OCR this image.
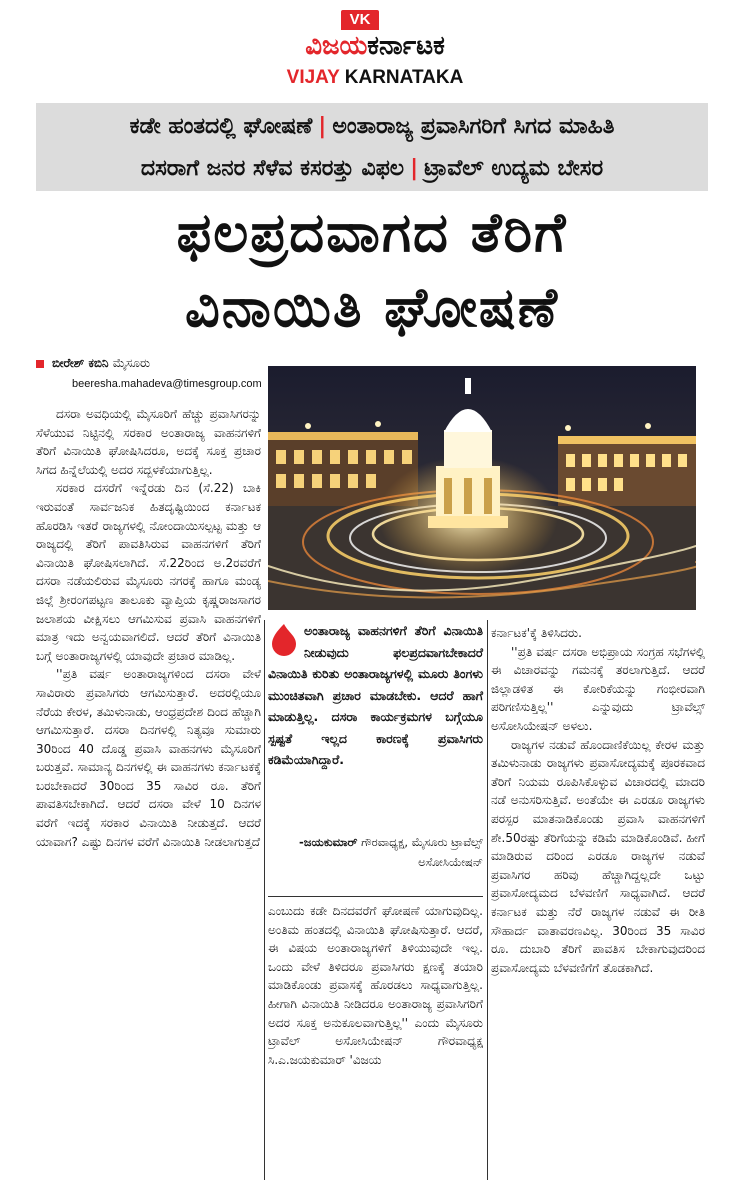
VK
ವಿಜಯಕರ್ನಾಟಕ
VIJAY KARNATAKA
ಕಡೇ ಹಂತದಲ್ಲಿ ಘೋಷಣೆ | ಅಂತಾರಾಜ್ಯ ಪ್ರವಾಸಿಗರಿಗೆ ಸಿಗದ ಮಾಹಿತಿ
ದಸರಾಗೆ ಜನರ ಸೆಳೆವ ಕಸರತ್ತು ವಿಫಲ | ಟ್ರಾವೆಲ್ ಉದ್ಯಮ ಬೇಸರ
ಫಲಪ್ರದವಾಗದ ತೆರಿಗೆ
ವಿನಾಯಿತಿ ಘೋಷಣೆ
ಬೀರೇಶ್ ಕಬಿನಿ ಮೈಸೂರು
beeresha.mahadeva@timesgroup.com

ದಸರಾ ಅವಧಿಯಲ್ಲಿ ಮೈಸೂರಿಗೆ ಹೆಚ್ಚು ಪ್ರವಾಸಿಗರನ್ನು ಸೆಳೆಯುವ ನಿಟ್ಟಿನಲ್ಲಿ ಸರಕಾರ ಅಂತಾರಾಜ್ಯ ವಾಹನಗಳಿಗೆ ತೆರಿಗೆ ವಿನಾಯಿತಿ ಘೋಷಿಸಿದರೂ, ಅದಕ್ಕೆ ಸೂಕ್ತ ಪ್ರಚಾರ ಸಿಗದ ಹಿನ್ನೆಲೆಯಲ್ಲಿ ಅದರ ಸದ್ಬಳಕೆಯಾಗುತ್ತಿಲ್ಲ.

ಸರಕಾರ ದಸರೆಗೆ ಇನ್ನೆರಡು ದಿನ (ಸೆ.22) ಬಾಕಿ ಇರುವಂತೆ ಸಾರ್ವಜನಿಕ ಹಿತದೃಷ್ಟಿಯಿಂದ ಕರ್ನಾಟಕ ಹೊರಡಿಸಿ ಇತರೆ ರಾಜ್ಯಗಳಲ್ಲಿ ನೋಂದಾಯಿಸಲ್ಪಟ್ಟ ಮತ್ತು ಆ ರಾಜ್ಯದಲ್ಲಿ ತೆರಿಗೆ ಪಾವತಿಸಿರುವ ವಾಹನಗಳಿಗೆ ತೆರಿಗೆ ವಿನಾಯಿತಿ ಘೋಷಿಸಲಾಗಿದೆ. ಸೆ.22ರಿಂದ ಅ.2ರವರೆಗೆ ದಸರಾ ನಡೆಯಲಿರುವ ಮೈಸೂರು ನಗರಕ್ಕೆ ಹಾಗೂ ಮಂಡ್ಯ ಜಿಲ್ಲೆ ಶ್ರೀರಂಗಪಟ್ಟಣ ತಾಲೂಕು ವ್ಯಾಪ್ತಿಯ ಕೃಷ್ಣರಾಜಸಾಗರ ಜಲಾಶಯ ವೀಕ್ಷಿಸಲು ಆಗಮಿಸುವ ಪ್ರವಾಸಿ ವಾಹನಗಳಿಗೆ ಮಾತ್ರ ಇದು ಅನ್ವಯವಾಗಲಿದೆ. ಆದರೆ ತೆರಿಗೆ ವಿನಾಯಿತಿ ಬಗ್ಗೆ ಅಂತಾರಾಜ್ಯಗಳಲ್ಲಿ ಯಾವುದೇ ಪ್ರಚಾರ ಮಾಡಿಲ್ಲ.

''ಪ್ರತಿ ವರ್ಷ ಅಂತಾರಾಜ್ಯಗಳಿಂದ ದಸರಾ ವೇಳೆ ಸಾವಿರಾರು ಪ್ರವಾಸಿಗರು ಆಗಮಿಸುತ್ತಾರೆ. ಅದರಲ್ಲಿಯೂ ನೆರೆಯ ಕೇರಳ, ತಮಿಳುನಾಡು, ಆಂಧ್ರಪ್ರದೇಶ ದಿಂದ ಹೆಚ್ಚಾಗಿ ಆಗಮಿಸುತ್ತಾರೆ. ದಸರಾ ದಿನಗಳಲ್ಲಿ ನಿತ್ಯವೂ ಸುಮಾರು 30ರಿಂದ 40 ದೊಡ್ಡ ಪ್ರವಾಸಿ ವಾಹನಗಳು ಮೈಸೂರಿಗೆ ಬರುತ್ತವೆ. ಸಾಮಾನ್ಯ ದಿನಗಳಲ್ಲಿ ಈ ವಾಹನಗಳು ಕರ್ನಾಟಕಕ್ಕೆ ಬರಬೇಕಾದರೆ 30ರಿಂದ 35 ಸಾವಿರ ರೂ. ತೆರಿಗೆ ಪಾವತಿಸಬೇಕಾಗಿದೆ. ಆದರೆ ದಸರಾ ವೇಳೆ 10 ದಿನಗಳ ವರೆಗೆ ಇದಕ್ಕೆ ಸರಕಾರ ವಿನಾಯಿತಿ ನೀಡುತ್ತದೆ. ಆದರೆ ಯಾವಾಗ? ಎಷ್ಟು ದಿನಗಳ ವರೆಗೆ ವಿನಾಯಿತಿ ನೀಡಲಾಗುತ್ತದೆ

ಅಂತಾರಾಜ್ಯ ವಾಹನಗಳಿಗೆ ತೆರಿಗೆ ವಿನಾಯಿತಿ ನೀಡುವುದು ಫಲಪ್ರದವಾಗಬೇಕಾದರೆ ವಿನಾಯಿತಿ ಕುರಿತು ಅಂತಾರಾಜ್ಯಗಳಲ್ಲಿ ಮೂರು ತಿಂಗಳು ಮುಂಚಿತವಾಗಿ ಪ್ರಚಾರ ಮಾಡಬೇಕು. ಆದರೆ ಹಾಗೆ ಮಾಡುತ್ತಿಲ್ಲ. ದಸರಾ ಕಾರ್ಯಕ್ರಮಗಳ ಬಗ್ಗೆಯೂ ಸ್ಪಷ್ಟತೆ ಇಲ್ಲದ ಕಾರಣಕ್ಕೆ ಪ್ರವಾಸಿಗರು ಕಡಿಮೆಯಾಗಿದ್ದಾರೆ.
-ಜಯಕುಮಾರ್ ಗೌರವಾಧ್ಯಕ್ಷ, ಮೈಸೂರು ಟ್ರಾವೆಲ್ಸ್ ಅಸೋಸಿಯೇಷನ್

ಎಂಬುದು ಕಡೇ ದಿನದವರೆಗೆ ಘೋಷಣೆ ಯಾಗುವುದಿಲ್ಲ. ಅಂತಿಮ ಹಂತದಲ್ಲಿ ವಿನಾಯಿತಿ ಘೋಷಿಸುತ್ತಾರೆ. ಆದರೆ, ಈ ವಿಷಯ ಅಂತಾರಾಜ್ಯಗಳಿಗೆ ತಿಳಿಯುವುದೇ ಇಲ್ಲ. ಒಂದು ವೇಳೆ ತಿಳಿದರೂ ಪ್ರವಾಸಿಗರು ಕ್ಷಣಕ್ಕೆ ತಯಾರಿ ಮಾಡಿಕೊಂಡು ಪ್ರವಾಸಕ್ಕೆ ಹೊರಡಲು ಸಾಧ್ಯವಾಗುತ್ತಿಲ್ಲ. ಹೀಗಾಗಿ ವಿನಾಯಿತಿ ನೀಡಿದರೂ ಅಂತಾರಾಜ್ಯ ಪ್ರವಾಸಿಗರಿಗೆ ಅದರ ಸೂಕ್ತ ಅನುಕೂಲವಾಗುತ್ತಿಲ್ಲ'' ಎಂದು ಮೈಸೂರು ಟ್ರಾವೆಲ್ ಅಸೋಸಿಯೇಷನ್ ಗೌರವಾಧ್ಯಕ್ಷ ಸಿ.ಎ.ಜಯಕುಮಾರ್ 'ವಿಜಯ

ಕರ್ನಾಟಕ'ಕ್ಕೆ ತಿಳಿಸಿದರು.

''ಪ್ರತಿ ವರ್ಷ ದಸರಾ ಅಭಿಪ್ರಾಯ ಸಂಗ್ರಹ ಸಭೆಗಳಲ್ಲಿ ಈ ವಿಚಾರವನ್ನು ಗಮನಕ್ಕೆ ತರಲಾಗುತ್ತಿದೆ. ಆದರೆ ಜಿಲ್ಲಾಡಳಿತ ಈ ಕೋರಿಕೆಯನ್ನು ಗಂಭೀರವಾಗಿ ಪರಿಗಣಿಸುತ್ತಿಲ್ಲ'' ಎನ್ನುವುದು ಟ್ರಾವೆಲ್ಸ್ ಅಸೋಸಿಯೇಷನ್ ಅಳಲು.

ರಾಜ್ಯಗಳ ನಡುವೆ ಹೊಂದಾಣಿಕೆಯಿಲ್ಲ ಕೇರಳ ಮತ್ತು ತಮಿಳುನಾಡು ರಾಜ್ಯಗಳು ಪ್ರವಾಸೋದ್ಯಮಕ್ಕೆ ಪೂರಕವಾದ ತೆರಿಗೆ ನಿಯಮ ರೂಪಿಸಿಕೊಳ್ಳುವ ವಿಚಾರದಲ್ಲಿ ಮಾದರಿ ನಡೆ ಅನುಸರಿಸುತ್ತಿವೆ. ಅಂತೆಯೇ ಈ ಎರಡೂ ರಾಜ್ಯಗಳು ಪರಸ್ಪರ ಮಾತನಾಡಿಕೊಂಡು ಪ್ರವಾಸಿ ವಾಹನಗಳಿಗೆ ಶೇ.50ರಷ್ಟು ತೆರಿಗೆಯನ್ನು ಕಡಿಮೆ ಮಾಡಿಕೊಂಡಿವೆ. ಹೀಗೆ ಮಾಡಿರುವ ದರಿಂದ ಎರಡೂ ರಾಜ್ಯಗಳ ನಡುವೆ ಪ್ರವಾಸಿಗರ ಹರಿವು ಹೆಚ್ಚಾಗಿದ್ದಲ್ಲದೇ ಒಟ್ಟು ಪ್ರವಾಸೋದ್ಯಮದ ಬೆಳವಣಿಗೆ ಸಾಧ್ಯವಾಗಿದೆ. ಆದರೆ ಕರ್ನಾಟಕ ಮತ್ತು ನೆರೆ ರಾಜ್ಯಗಳ ನಡುವೆ ಈ ರೀತಿ ಸೌಹಾರ್ದ ವಾತಾವರಣವಿಲ್ಲ. 30ರಿಂದ 35 ಸಾವಿರ ರೂ. ದುಬಾರಿ ತೆರಿಗೆ ಪಾವತಿಸ ಬೇಕಾಗುವುದರಿಂದ ಪ್ರವಾಸೋದ್ಯಮ ಬೆಳವಣಿಗೆಗೆ ತೊಡಕಾಗಿದೆ.
